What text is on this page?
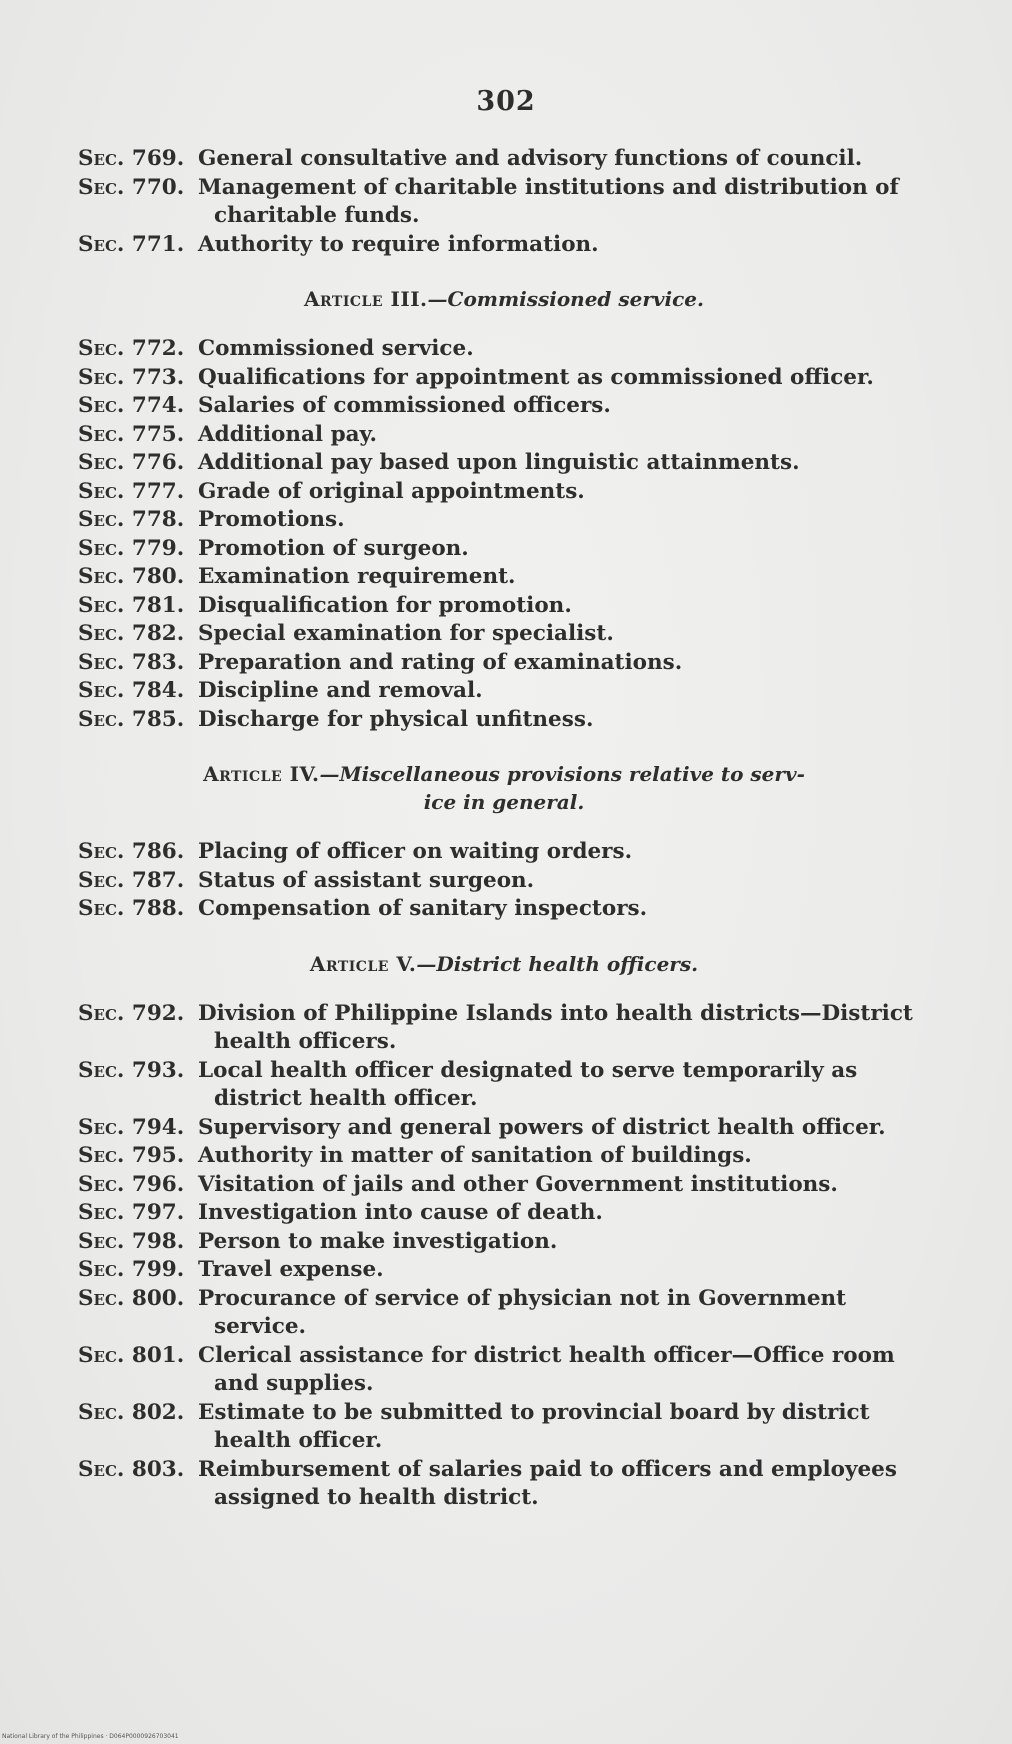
302
Sec. 769. General consultative and advisory functions of council.
Sec. 770. Management of charitable institutions and distribution of
charitable funds.
Sec. 771. Authority to require information.
Article III.—Commissioned service.
Sec. 772. Commissioned service.
Sec. 773. Qualifications for appointment as commissioned officer.
Sec. 774. Salaries of commissioned officers.
Sec. 775. Additional pay.
Sec. 776. Additional pay based upon linguistic attainments.
Sec. 777. Grade of original appointments.
Sec. 778. Promotions.
Sec. 779. Promotion of surgeon.
Sec. 780. Examination requirement.
Sec. 781. Disqualification for promotion.
Sec. 782. Special examination for specialist.
Sec. 783. Preparation and rating of examinations.
Sec. 784. Discipline and removal.
Sec. 785. Discharge for physical unfitness.
Article IV.—Miscellaneous provisions relative to serv-
ice in general.
Sec. 786. Placing of officer on waiting orders.
Sec. 787. Status of assistant surgeon.
Sec. 788. Compensation of sanitary inspectors.
Article V.—District health officers.
Sec. 792. Division of Philippine Islands into health districts—District
health officers.
Sec. 793. Local health officer designated to serve temporarily as
district health officer.
Sec. 794. Supervisory and general powers of district health officer.
Sec. 795. Authority in matter of sanitation of buildings.
Sec. 796. Visitation of jails and other Government institutions.
Sec. 797. Investigation into cause of death.
Sec. 798. Person to make investigation.
Sec. 799. Travel expense.
Sec. 800. Procurance of service of physician not in Government
service.
Sec. 801. Clerical assistance for district health officer—Office room
and supplies.
Sec. 802. Estimate to be submitted to provincial board by district
health officer.
Sec. 803. Reimbursement of salaries paid to officers and employees
assigned to health district.
National Library of the Philippines · D064P0000926703041
